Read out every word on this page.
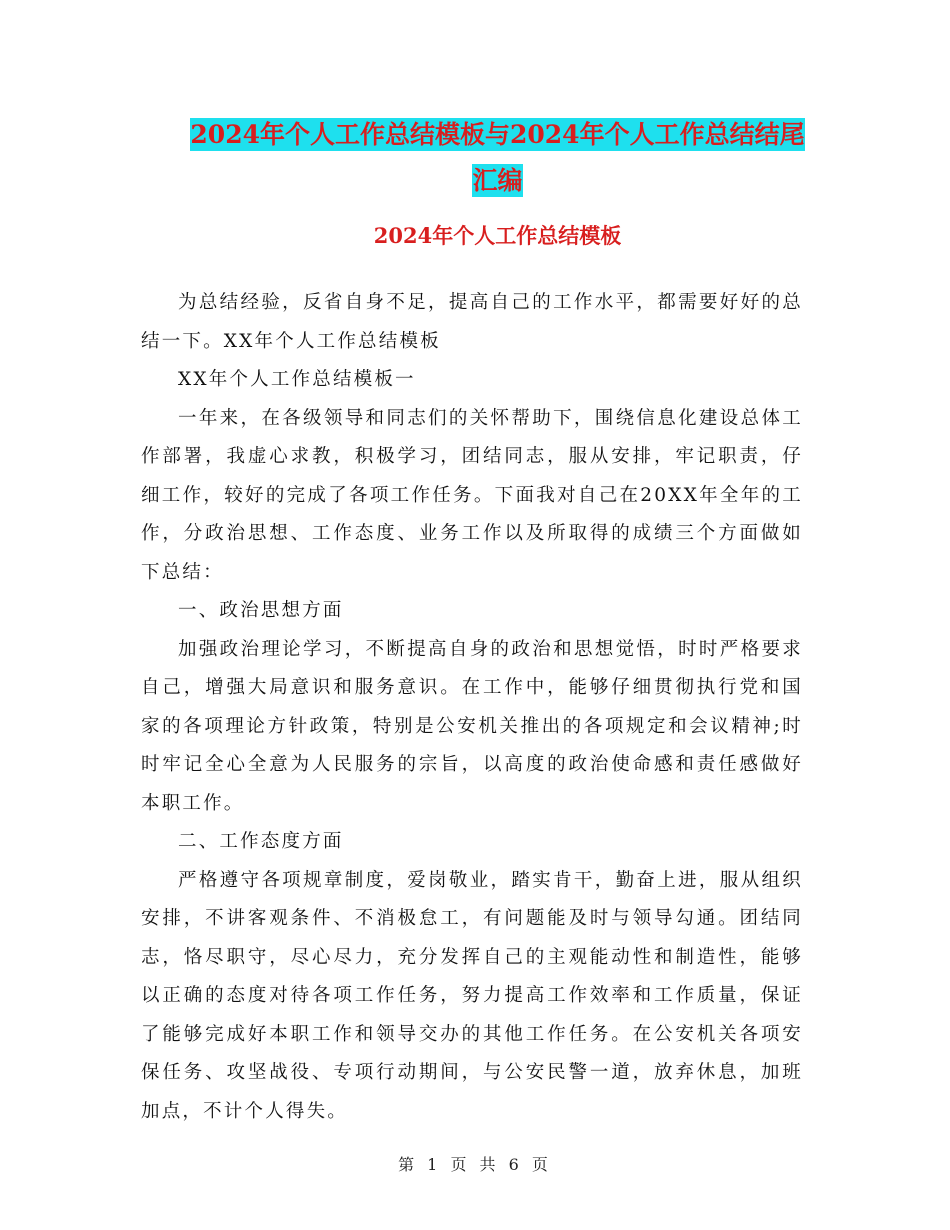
2024年个人工作总结模板与2024年个人工作总结结尾
汇编
2024年个人工作总结模板

为总结经验，反省自身不足，提高自己的工作水平，都需要好好的总结一下。XX年个人工作总结模板

XX年个人工作总结模板一

一年来，在各级领导和同志们的关怀帮助下，围绕信息化建设总体工作部署，我虚心求教，积极学习，团结同志，服从安排，牢记职责，仔细工作，较好的完成了各项工作任务。下面我对自己在20XX年全年的工作，分政治思想、工作态度、业务工作以及所取得的成绩三个方面做如下总结：

一、政治思想方面

加强政治理论学习，不断提高自身的政治和思想觉悟，时时严格要求自己，增强大局意识和服务意识。在工作中，能够仔细贯彻执行党和国家的各项理论方针政策，特别是公安机关推出的各项规定和会议精神;时时牢记全心全意为人民服务的宗旨，以高度的政治使命感和责任感做好本职工作。

二、工作态度方面

严格遵守各项规章制度，爱岗敬业，踏实肯干，勤奋上进，服从组织安排，不讲客观条件、不消极怠工，有问题能及时与领导勾通。团结同志，恪尽职守，尽心尽力，充分发挥自己的主观能动性和制造性，能够以正确的态度对待各项工作任务，努力提高工作效率和工作质量，保证了能够完成好本职工作和领导交办的其他工作任务。在公安机关各项安保任务、攻坚战役、专项行动期间，与公安民警一道，放弃休息，加班加点，不计个人得失。

第 1 页 共 6 页
